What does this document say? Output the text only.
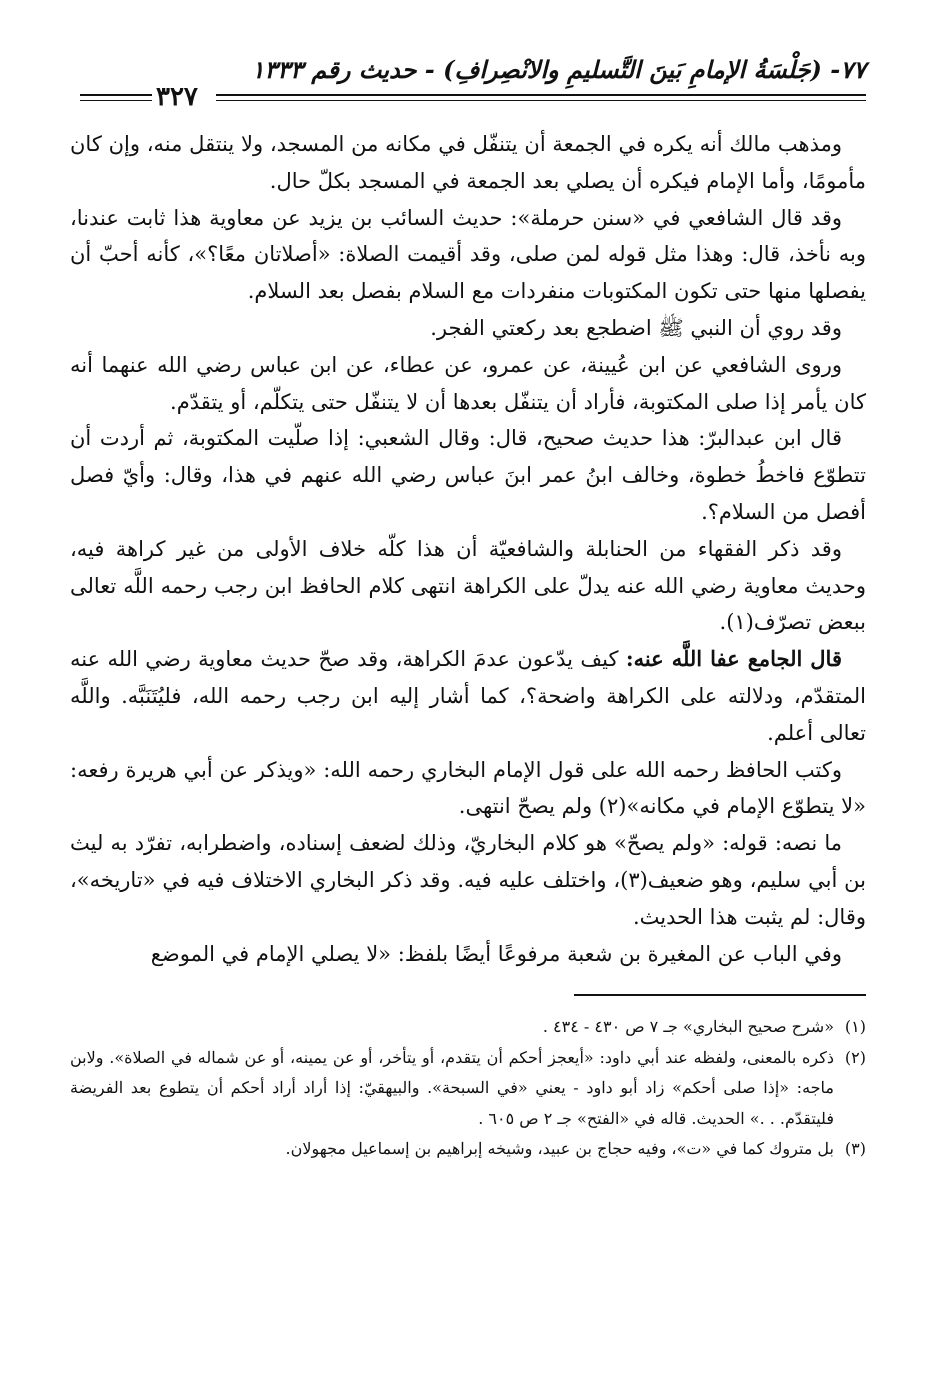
٧٧- (جَلْسَةُ الإمامِ بَينَ التَّسليمِ والانْصِرافِ) - حديث رقم ١٣٣٣
٣٢٧

ومذهب مالك أنه يكره في الجمعة أن يتنفّل في مكانه من المسجد، ولا ينتقل منه، وإن كان مأمومًا، وأما الإمام فيكره أن يصلي بعد الجمعة في المسجد بكلّ حال.

وقد قال الشافعي في «سنن حرملة»: حديث السائب بن يزيد عن معاوية هذا ثابت عندنا، وبه نأخذ، قال: وهذا مثل قوله لمن صلى، وقد أقيمت الصلاة: «أصلاتان معًا؟»، كأنه أحبّ أن يفصلها منها حتى تكون المكتوبات منفردات مع السلام بفصل بعد السلام.

وقد روي أن النبي ﷺ اضطجع بعد ركعتي الفجر.

وروى الشافعي عن ابن عُيينة، عن عمرو، عن عطاء، عن ابن عباس رضي الله عنهما أنه كان يأمر إذا صلى المكتوبة، فأراد أن يتنفّل بعدها أن لا يتنفّل حتى يتكلّم، أو يتقدّم.

قال ابن عبدالبرّ: هذا حديث صحيح، قال: وقال الشعبي: إذا صلّيت المكتوبة، ثم أردت أن تتطوّع فاخطُ خطوة، وخالف ابنُ عمر ابنَ عباس رضي الله عنهم في هذا، وقال: وأيّ فصل أفصل من السلام؟.

وقد ذكر الفقهاء من الحنابلة والشافعيّة أن هذا كلّه خلاف الأولى من غير كراهة فيه، وحديث معاوية رضي الله عنه يدلّ على الكراهة انتهى كلام الحافظ ابن رجب رحمه اللَّه تعالى ببعض تصرّف(١).

قال الجامع عفا اللَّه عنه: كيف يدّعون عدمَ الكراهة، وقد صحّ حديث معاوية رضي الله عنه المتقدّم، ودلالته على الكراهة واضحة؟، كما أشار إليه ابن رجب رحمه الله، فليُتَنَبَّه. واللَّه تعالى أعلم.

وكتب الحافظ رحمه الله على قول الإمام البخاري رحمه الله: «ويذكر عن أبي هريرة رفعه: «لا يتطوّع الإمام في مكانه»(٢) ولم يصحّ انتهى.

ما نصه: قوله: «ولم يصحّ» هو كلام البخاريّ، وذلك لضعف إسناده، واضطرابه، تفرّد به ليث بن أبي سليم، وهو ضعيف(٣)، واختلف عليه فيه. وقد ذكر البخاري الاختلاف فيه في «تاريخه»، وقال: لم يثبت هذا الحديث.

وفي الباب عن المغيرة بن شعبة مرفوعًا أيضًا بلفظ: «لا يصلي الإمام في الموضع

(١)
«شرح صحيح البخاري» جـ ٧ ص ٤٣٠ - ٤٣٤ .

(٢)
ذكره بالمعنى، ولفظه عند أبي داود: «أيعجز أحكم أن يتقدم، أو يتأخر، أو عن يمينه، أو عن شماله في الصلاة». ولابن ماجه: «إذا صلى أحكم» زاد أبو داود - يعني «في السبحة». والبيهقيّ: إذا أراد أراد أحكم أن يتطوع بعد الفريضة فليتقدّم. . .» الحديث. قاله في «الفتح» جـ ٢ ص ٦٠٥ .

(٣)
بل متروك كما في «ت»، وفيه حجاج بن عبيد، وشيخه إبراهيم بن إسماعيل مجهولان.
